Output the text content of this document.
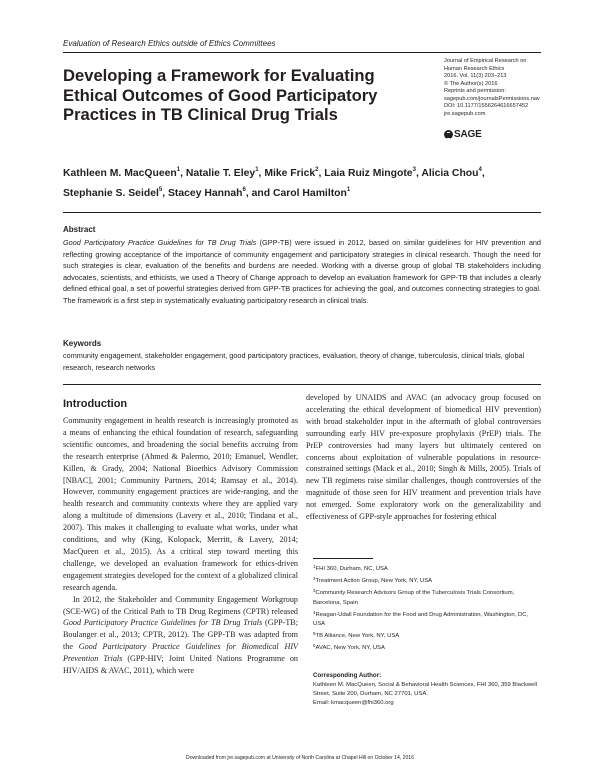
Evaluation of Research Ethics outside of Ethics Committees
Developing a Framework for Evaluating Ethical Outcomes of Good Participatory Practices in TB Clinical Drug Trials
Journal of Empirical Research on
Human Research Ethics
2016, Vol. 11(3) 203–213
© The Author(s) 2016
Reprints and permission:
sagepub.com/journalsPermissions.nav
DOI: 10.1177/1556264616657452
jre.sagepub.com
SAGE
Kathleen M. MacQueen$^1$, Natalie T. Eley$^1$, Mike Frick$^2$, Laia Ruiz Mingote$^3$, Alicia Chou$^4$, Stephanie S. Seidel$^5$, Stacey Hannah$^6$, and Carol Hamilton$^1$
Abstract
Good Participatory Practice Guidelines for TB Drug Trials (GPP-TB) were issued in 2012, based on similar guidelines for HIV prevention and reflecting growing acceptance of the importance of community engagement and participatory strategies in clinical research. Though the need for such strategies is clear, evaluation of the benefits and burdens are needed. Working with a diverse group of global TB stakeholders including advocates, scientists, and ethicists, we used a Theory of Change approach to develop an evaluation framework for GPP-TB that includes a clearly defined ethical goal, a set of powerful strategies derived from GPP-TB practices for achieving the goal, and outcomes connecting strategies to goal. The framework is a first step in systematically evaluating participatory research in clinical trials.
Keywords
community engagement, stakeholder engagement, good participatory practices, evaluation, theory of change, tuberculosis, clinical trials, global research, research networks
Introduction

Community engagement in health research is increasingly promoted as a means of enhancing the ethical foundation of research, safeguarding scientific outcomes, and broadening the social benefits accruing from the research enterprise (Ahmed & Palermo, 2010; Emanuel, Wendler, Killen, & Grady, 2004; National Bioethics Advisory Commission [NBAC], 2001; Community Partners, 2014; Ramsay et al., 2014). However, community engagement practices are wide-ranging, and the health research and community contexts where they are applied vary along a multitude of dimensions (Lavery et al., 2010; Tindana et al., 2007). This makes it challenging to evaluate what works, under what conditions, and why (King, Kolopack, Merritt, & Lavery, 2014; MacQueen et al., 2015). As a critical step toward meeting this challenge, we developed an evaluation framework for ethics-driven engagement strategies developed for the context of a globalized clinical research agenda.

In 2012, the Stakeholder and Community Engagement Workgroup (SCE-WG) of the Critical Path to TB Drug Regimens (CPTR) released Good Participatory Practice Guidelines for TB Drug Trials (GPP-TB; Boulanger et al., 2013; CPTR, 2012). The GPP-TB was adapted from the Good Participatory Practice Guidelines for Biomedical HIV Prevention Trials (GPP-HIV; Joint United Nations Programme on HIV/AIDS & AVAC, 2011), which were

developed by UNAIDS and AVAC (an advocacy group focused on accelerating the ethical development of biomedical HIV prevention) with broad stakeholder input in the aftermath of global controversies surrounding early HIV pre-exposure prophylaxis (PrEP) trials. The PrEP controversies had many layers but ultimately centered on concerns about exploitation of vulnerable populations in resource-constrained settings (Mack et al., 2010; Singh & Mills, 2005). Trials of new TB regimens raise similar challenges, though controversies of the magnitude of those seen for HIV treatment and prevention trials have not emerged. Some exploratory work on the generalizability and effectiveness of GPP-style approaches for fostering ethical

$^1$FHI 360, Durham, NC, USA
$^2$Treatment Action Group, New York, NY, USA
$^3$Community Research Advisors Group of the Tuberculosis Trials Consortium, Barcelona, Spain
$^4$Reagan-Udall Foundation for the Food and Drug Administration, Washington, DC, USA
$^5$TB Alliance, New York, NY, USA
$^6$AVAC, New York, NY, USA
Corresponding Author:
Kathleen M. MacQueen, Social & Behavioral Health Sciences, FHI 360, 359 Blackwell Street, Suite 200, Durham, NC 27701, USA.
Email: kmacqueen@fhi360.org
Downloaded from jre.sagepub.com at University of North Carolina at Chapel Hill on October 14, 2016
